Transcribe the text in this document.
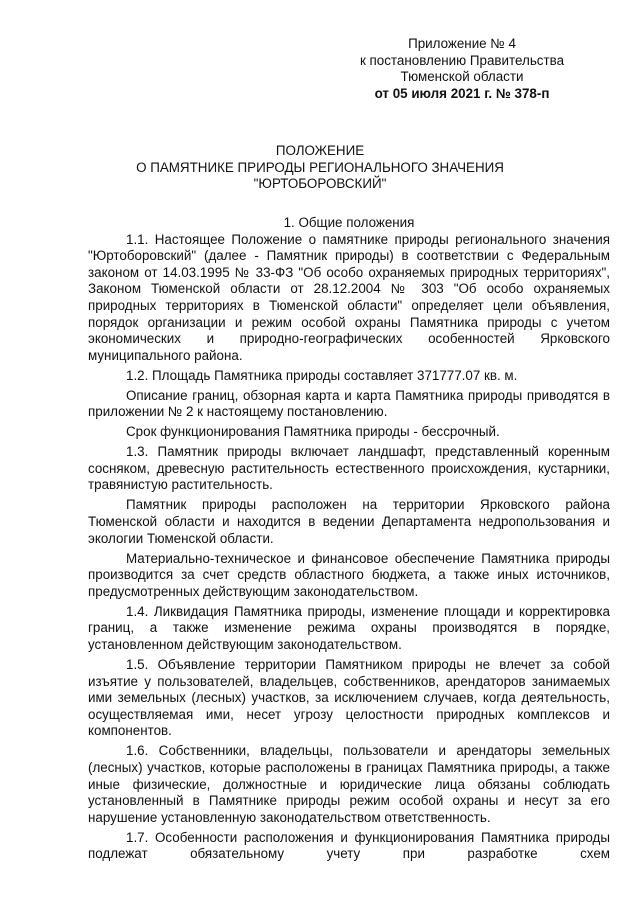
Приложение № 4
к постановлению Правительства
Тюменской области
от 05 июля 2021 г. № 378-п
ПОЛОЖЕНИЕ
О ПАМЯТНИКЕ ПРИРОДЫ РЕГИОНАЛЬНОГО ЗНАЧЕНИЯ
"ЮРТОБОРОВСКИЙ"
1. Общие положения

1.1. Настоящее Положение о памятнике природы регионального значения "Юртоборовский" (далее - Памятник природы) в соответствии с Федеральным законом от 14.03.1995 № 33-ФЗ "Об особо охраняемых природных территориях", Законом Тюменской области от 28.12.2004 № 303 "Об особо охраняемых природных территориях в Тюменской области" определяет цели объявления, порядок организации и режим особой охраны Памятника природы с учетом экономических и природно-географических особенностей Ярковского муниципального района.

1.2. Площадь Памятника природы составляет 371777.07 кв. м.

Описание границ, обзорная карта и карта Памятника природы приводятся в приложении № 2 к настоящему постановлению.

Срок функционирования Памятника природы - бессрочный.

1.3. Памятник природы включает ландшафт, представленный коренным сосняком, древесную растительность естественного происхождения, кустарники, травянистую растительность.

Памятник природы расположен на территории Ярковского района Тюменской области и находится в ведении Департамента недропользования и экологии Тюменской области.

Материально-техническое и финансовое обеспечение Памятника природы производится за счет средств областного бюджета, а также иных источников, предусмотренных действующим законодательством.

1.4. Ликвидация Памятника природы, изменение площади и корректировка границ, а также изменение режима охраны производятся в порядке, установленном действующим законодательством.

1.5. Объявление территории Памятником природы не влечет за собой изъятие у пользователей, владельцев, собственников, арендаторов занимаемых ими земельных (лесных) участков, за исключением случаев, когда деятельность, осуществляемая ими, несет угрозу целостности природных комплексов и компонентов.

1.6. Собственники, владельцы, пользователи и арендаторы земельных (лесных) участков, которые расположены в границах Памятника природы, а также иные физические, должностные и юридические лица обязаны соблюдать установленный в Памятнике природы режим особой охраны и несут за его нарушение установленную законодательством ответственность.

1.7. Особенности расположения и функционирования Памятника природы подлежат обязательному учету при разработке схем
